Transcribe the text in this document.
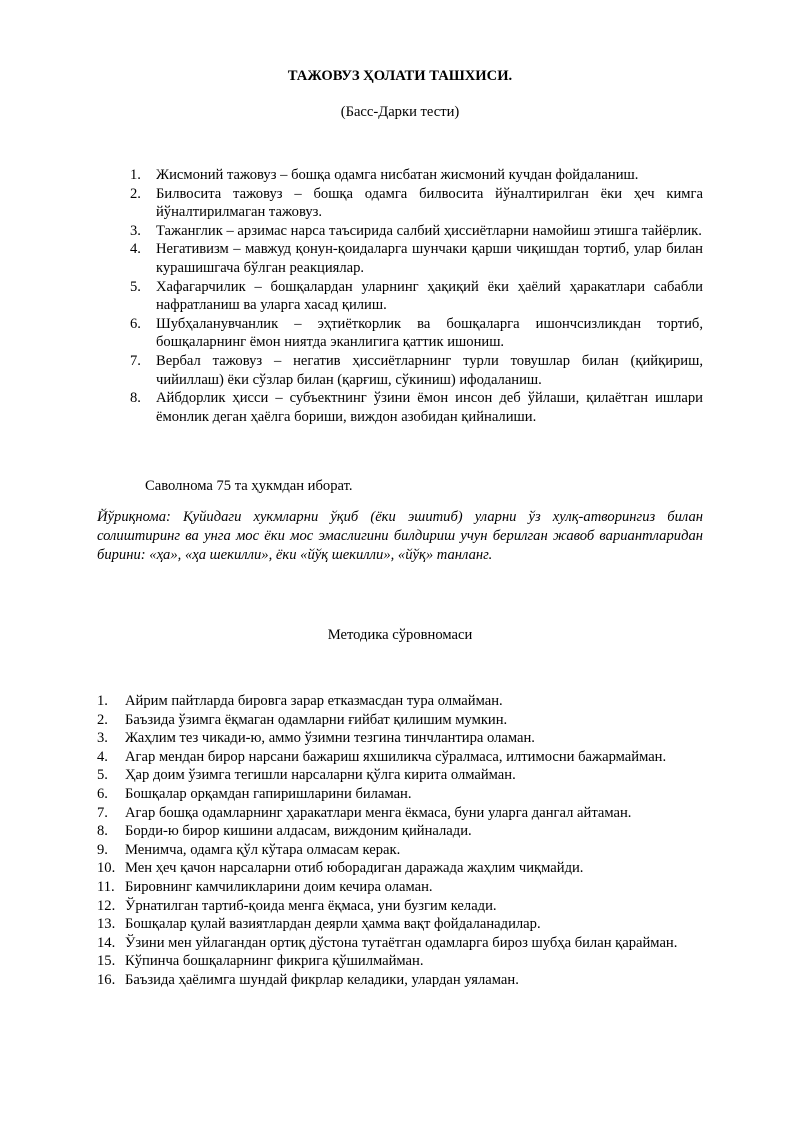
ТАЖОВУЗ ҲОЛАТИ ТАШХИСИ.
(Басс-Дарки тести)
1. Жисмоний тажовуз – бошқа одамга нисбатан жисмоний кучдан фойдаланиш.
2. Билвосита тажовуз – бошқа одамга билвосита йўналтирилган ёки ҳеч кимга йўналтирилмаган тажовуз.
3. Тажанглик – арзимас нарса таъсирида салбий ҳиссиётларни намойиш этишга тайёрлик.
4. Негативизм – мавжуд қонун-қоидаларга шунчаки қарши чиқишдан тортиб, улар билан курашишгача бўлган реакциялар.
5. Хафагарчилик – бошқалардан уларнинг ҳақиқий ёки ҳаёлий ҳаракатлари сабабли нафратланиш ва уларга хасад қилиш.
6. Шубҳаланувчанлик – эҳтиёткорлик ва бошқаларга ишончсизликдан тортиб, бошқаларнинг ёмон ниятда эканлигига қаттик ишониш.
7. Вербал тажовуз – негатив ҳиссиётларнинг турли товушлар билан (қийқириш, чийиллаш) ёки сўзлар билан (қарғиш, сўкиниш) ифодаланиш.
8. Айбдорлик ҳисси – субъектнинг ўзини ёмон инсон деб ўйлаши, қилаётган ишлари ёмонлик деган ҳаёлга бориши, виждон азобидан қийналиши.
Саволнома 75 та ҳукмдан иборат.
Йўриқнома: Қуйидаги хукмларни ўқиб (ёки эшитиб) уларни ўз хулқ-атворингиз билан солиштиринг ва унга мос ёки мос эмаслигини билдириш учун берилган жавоб вариантларидан бирини: «ҳа», «ҳа шекилли», ёки «йўқ шекилли», «йўқ» танланг.
Методика сўровномаси
1. Айрим пайтларда бировга зарар етказмасдан тура олмайман.
2. Баъзида ўзимга ёқмаган одамларни ғийбат қилишим мумкин.
3. Жаҳлим тез чикади-ю, аммо ўзимни тезгина тинчлантира оламан.
4. Агар мендан бирор нарсани бажариш яхшиликча сўралмаса, илтимосни бажармайман.
5. Ҳар доим ўзимга тегишли нарсаларни қўлга кирита олмайман.
6. Бошқалар орқамдан гапиришларини биламан.
7. Агар бошқа одамларнинг ҳаракатлари менга ёкмаса, буни уларга дангал айтаман.
8. Борди-ю бирор кишини алдасам, виждоним қийналади.
9. Менимча, одамга қўл кўтара олмасам керак.
10. Мен ҳеч қачон нарсаларни отиб юборадиган даражада жаҳлим чиқмайди.
11. Бировнинг камчиликларини доим кечира оламан.
12. Ўрнатилган тартиб-қоида менга ёқмаса, уни бузгим келади.
13. Бошқалар қулай вазиятлардан деярли ҳамма вақт фойдаланадилар.
14. Ўзини мен уйлагандан ортиқ дўстона тутаётган одамларга бироз шубҳа билан қарайман.
15. Кўпинча бошқаларнинг фикрига қўшилмайман.
16. Баъзида ҳаёлимга шундай фикрлар келадики, улардан уяламан.
